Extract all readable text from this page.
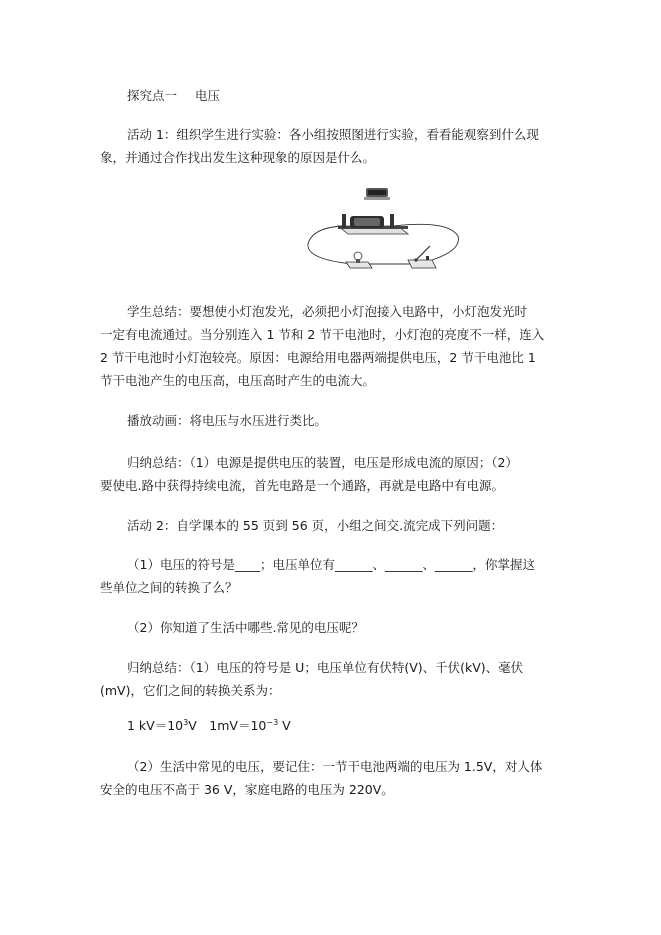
探究点一 电压
活动 1：组织学生进行实验：各小组按照图进行实验，看看能观察到什么现
象，并通过合作找出发生这种现象的原因是什么。
学生总结：要想使小灯泡发光，必须把小灯泡接入电路中，小灯泡发光时
一定有电流通过。当分别连入 1 节和 2 节干电池时，小灯泡的亮度不一样，连入
2 节干电池时小灯泡较亮。原因：电源给用电器两端提供电压，2 节干电池比 1
节干电池产生的电压高，电压高时产生的电流大。
播放动画：将电压与水压进行类比。
归纳总结：（1）电源是提供电压的装置，电压是形成电流的原因；（2）
要使电.路中获得持续电流，首先电路是一个通路，再就是电路中有电源。
活动 2：自学课本的 55 页到 56 页，小组之间交.流完成下列问题：
（1）电压的符号是____；电压单位有______、______、______，你掌握这
些单位之间的转换了么？
（2）你知道了生活中哪些.常见的电压呢？
归纳总结：（1）电压的符号是 U；电压单位有伏特(V)、千伏(kV)、毫伏
(mV)，它们之间的转换关系为：
1 $kV=10^3V$　$1mV=10^{-3}$ V
（2）生活中常见的电压，要记住：一节干电池两端的电压为 1.5V，对人体
安全的电压不高于 36 V，家庭电路的电压为 220V。
